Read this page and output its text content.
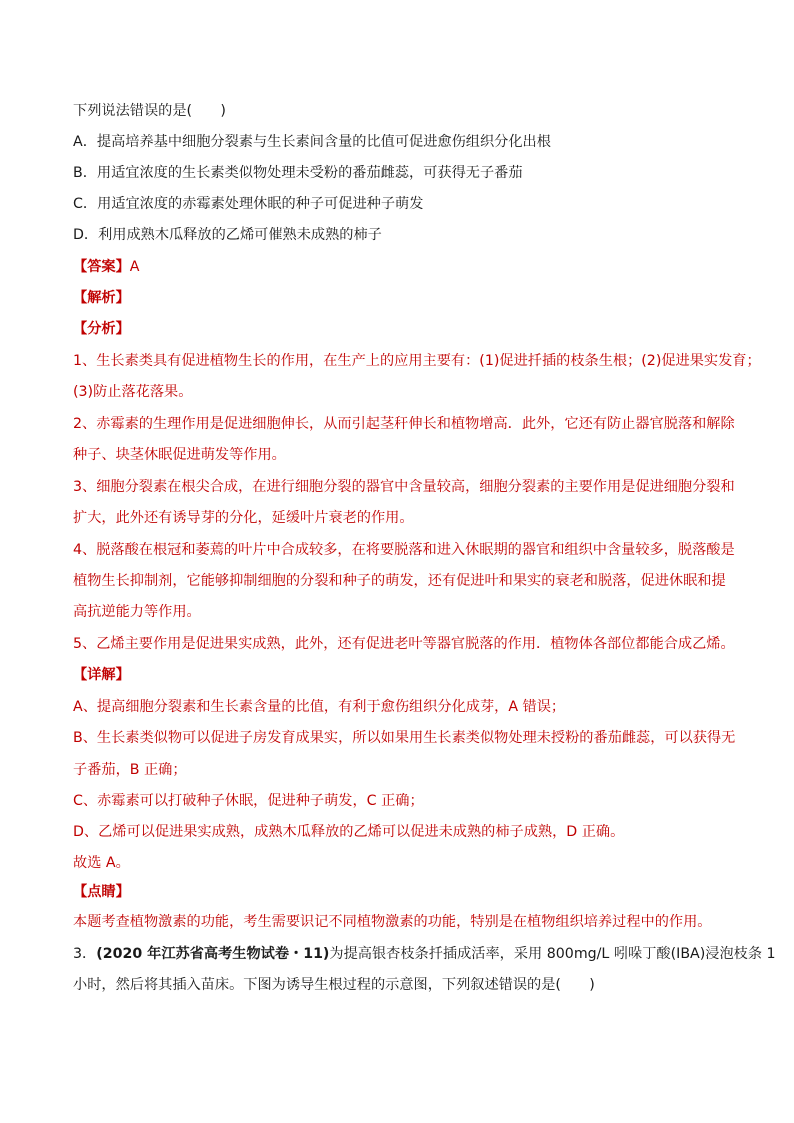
下列说法错误的是(　　)
A．提高培养基中细胞分裂素与生长素间含量的比值可促进愈伤组织分化出根
B．用适宜浓度的生长素类似物处理未受粉的番茄雌蕊，可获得无子番茄
C．用适宜浓度的赤霉素处理休眠的种子可促进种子萌发
D．利用成熟木瓜释放的乙烯可催熟未成熟的柿子
【答案】A
【解析】
【分析】
1、生长素类具有促进植物生长的作用，在生产上的应用主要有：(1)促进扦插的枝条生根；(2)促进果实发育；
(3)防止落花落果。
2、赤霉素的生理作用是促进细胞伸长，从而引起茎秆伸长和植物增高．此外，它还有防止器官脱落和解除
种子、块茎休眠促进萌发等作用。
3、细胞分裂素在根尖合成，在进行细胞分裂的器官中含量较高，细胞分裂素的主要作用是促进细胞分裂和
扩大，此外还有诱导芽的分化，延缓叶片衰老的作用。
4、脱落酸在根冠和萎蔫的叶片中合成较多，在将要脱落和进入休眠期的器官和组织中含量较多，脱落酸是
植物生长抑制剂，它能够抑制细胞的分裂和种子的萌发，还有促进叶和果实的衰老和脱落，促进休眠和提
高抗逆能力等作用。
5、乙烯主要作用是促进果实成熟，此外，还有促进老叶等器官脱落的作用．植物体各部位都能合成乙烯。
【详解】
A、提高细胞分裂素和生长素含量的比值，有利于愈伤组织分化成芽，A 错误；
B、生长素类似物可以促进子房发育成果实，所以如果用生长素类似物处理未授粉的番茄雌蕊，可以获得无
子番茄，B 正确；
C、赤霉素可以打破种子休眠，促进种子萌发，C 正确；
D、乙烯可以促进果实成熟，成熟木瓜释放的乙烯可以促进未成熟的柿子成熟，D 正确。
故选 A。
【点睛】
本题考查植物激素的功能，考生需要识记不同植物激素的功能，特别是在植物组织培养过程中的作用。
3．(2020 年江苏省高考生物试卷・11)为提高银杏枝条扦插成活率，采用 800mg/L 吲哚丁酸(IBA)浸泡枝条 1
小时，然后将其插入苗床。下图为诱导生根过程的示意图，下列叙述错误的是(　　)
